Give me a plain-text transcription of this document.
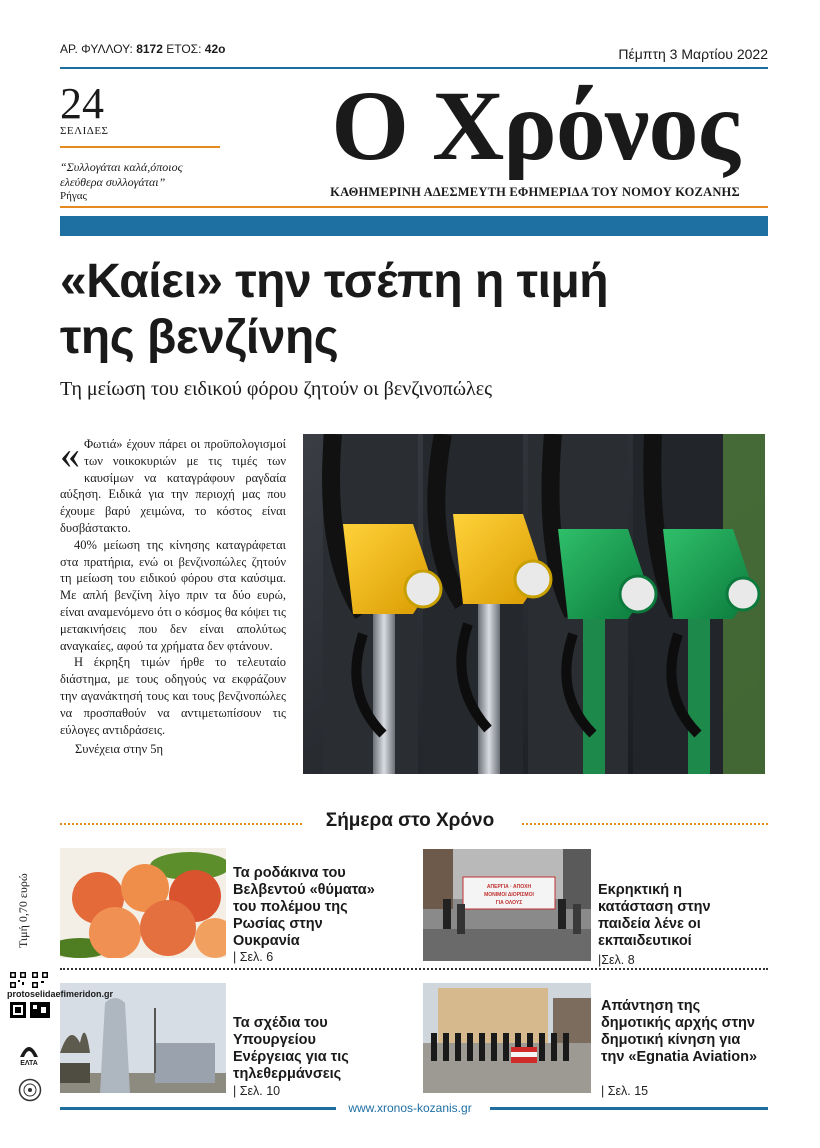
ΑΡ. ΦΥΛΛΟΥ: 8172 ΕΤΟΣ: 42ο	Πέμπτη 3 Μαρτίου 2022
24
ΣΕΛΙΔΕΣ
“Συλλογάται καλά,όποιος ελεύθερα συλλογάται”
Ρήγας
Ο Χρόνος
ΚΑΘΗΜΕΡΙΝΗ ΑΔΕΣΜΕΥΤΗ ΕΦΗΜΕΡΙΔΑ ΤΟΥ ΝΟΜΟΥ ΚΟΖΑΝΗΣ
«Καίει» την τσέπη η τιμή
της βενζίνης
Τη μείωση του ειδικού φόρου ζητούν οι βενζινοπώλες
« Φωτιά» έχουν πάρει οι προϋπολογισμοί των νοικοκυριών με τις τιμές των καυσίμων να καταγράφουν ραγδαία αύξηση. Ειδικά για την περιοχή μας που έχουμε βαρύ χειμώνα, το κόστος είναι δυσβάστακτο.

40% μείωση της κίνησης καταγράφεται στα πρατήρια, ενώ οι βενζινοπώλες ζητούν τη μείωση του ειδικού φόρου στα καύσιμα. Με απλή βενζίνη λίγο πριν τα δύο ευρώ, είναι αναμενόμενο ότι ο κόσμος θα κόψει τις μετακινήσεις που δεν είναι απολύτως αναγκαίες, αφού τα χρήματα δεν φτάνουν.

Η έκρηξη τιμών ήρθε το τελευταίο διάστημα, με τους οδηγούς να εκφράζουν την αγανάκτησή τους και τους βενζινοπώλες να προσπαθούν να αντιμετωπίσουν τις εύλογες αντιδράσεις.

Συνέχεια στην 5η
Σήμερα στο Χρόνο
Τα ροδάκινα του Βελβεντού «θύματα» του πολέμου της Ρωσίας στην Ουκρανία
| Σελ. 6
ΑΠΕΡΓΙΑ · ΑΠΟΧΗ
ΜΟΝΙΜΟΙ ΔΙΟΡΙΣΜΟΙ
ΓΙΑ ΟΛΟΥΣ
Εκρηκτική η κατάσταση στην παιδεία λένε οι εκπαιδευτικοί
|Σελ. 8
Τα σχέδια του Υπουργείου Ενέργειας για τις τηλεθερμάνσεις
| Σελ. 10
Απάντηση της δημοτικής αρχής στην δημοτική κίνηση για την «Egnatia Aviation»
| Σελ. 15
Τιμή 0,70 ευρώ
protoselidaefimeridon.gr
ΕΛΤΑ
www.xronos-kozanis.gr
